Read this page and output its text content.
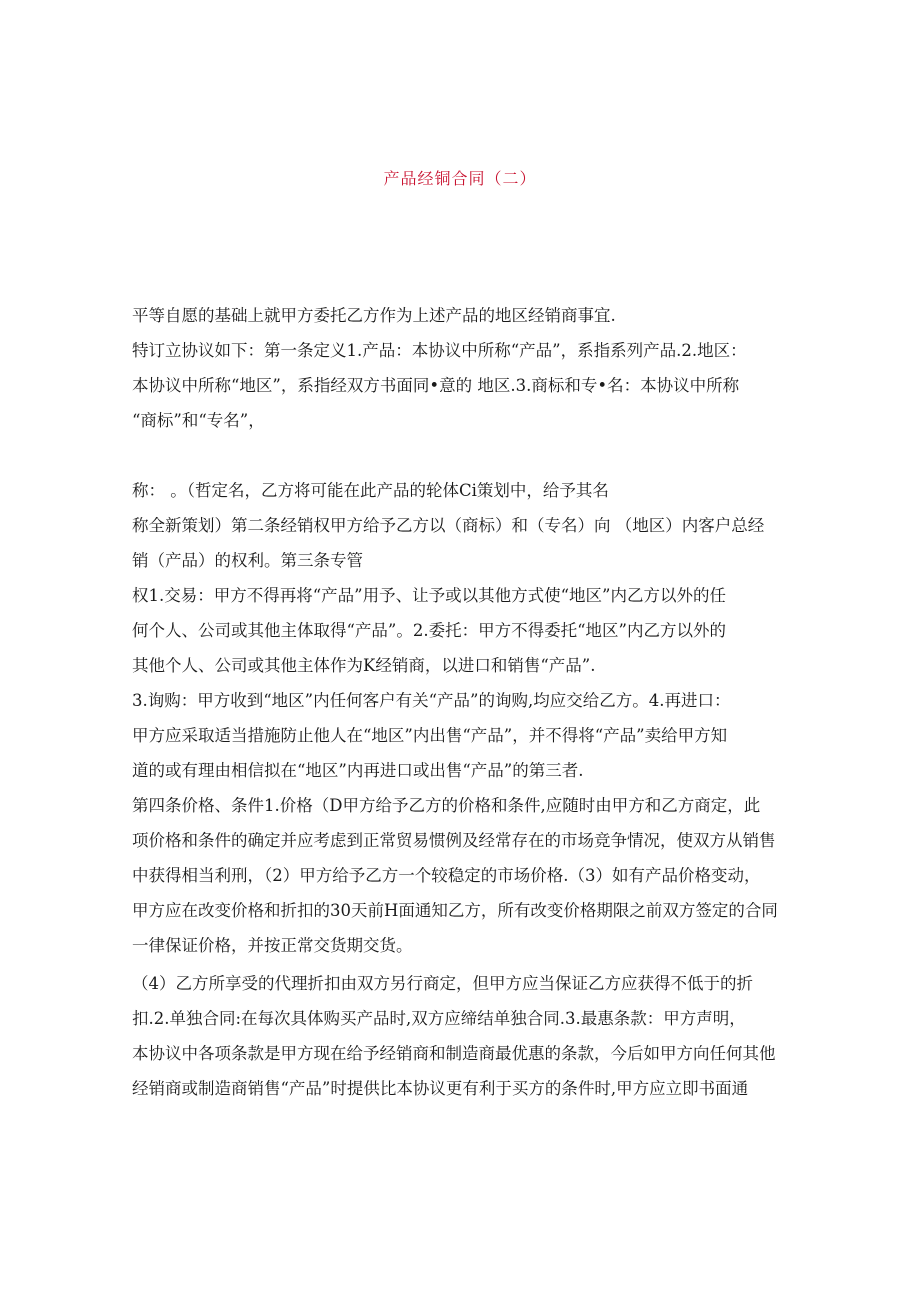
产品经铜合同（二）
平等自愿的基础上就甲方委托乙方作为上述产品的地区经销商事宜.
特订立协议如下：第一条定义1.产品：本协议中所称“产品”，系指系列产品.2.地区：
本协议中所称“地区”，系指经双方书面同•意的 地区.3.商标和专•名：本协议中所称
“商标”和“专名”，
称： 。（哲定名，乙方将可能在此产品的轮体Ci策划中，给予其名
称全新策划）第二条经销权甲方给予乙方以（商标）和（专名）向 （地区）内客户总经
销（产品）的权利。第三条专管
权1.交易：甲方不得再将“产品”用予、让予或以其他方式使“地区”内乙方以外的任
何个人、公司或其他主体取得“产品”。2.委托：甲方不得委托“地区”内乙方以外的
其他个人、公司或其他主体作为K经销商，以进口和销售“产品”.
3.询购：甲方收到“地区”内任何客户有关“产品”的询购,均应交给乙方。4.再进口：
甲方应采取适当措施防止他人在“地区”内出售“产品”，并不得将“产品”卖给甲方知
道的或有理由相信拟在“地区”内再进口或出售“产品”的第三者.
第四条价格、条件1.价格（D甲方给予乙方的价格和条件,应随时由甲方和乙方商定，此
项价格和条件的确定并应考虑到正常贸易惯例及经常存在的市场竞争情况，使双方从销售
中获得相当利刑，（2）甲方给予乙方一个较稳定的市场价格.（3）如有产品价格变动，
甲方应在改变价格和折扣的30天前H面通知乙方，所有改变价格期限之前双方签定的合同
一律保证价格，并按正常交货期交货。
（4）乙方所享受的代理折扣由双方另行商定，但甲方应当保证乙方应获得不低于的折
扣.2.单独合同:在每次具体购买产品时,双方应缔结单独合同.3.最惠条款：甲方声明，
本协议中各项条款是甲方现在给予经销商和制造商最优惠的条款，今后如甲方向任何其他
经销商或制造商销售“产品”时提供比本协议更有利于买方的条件时,甲方应立即书面通
